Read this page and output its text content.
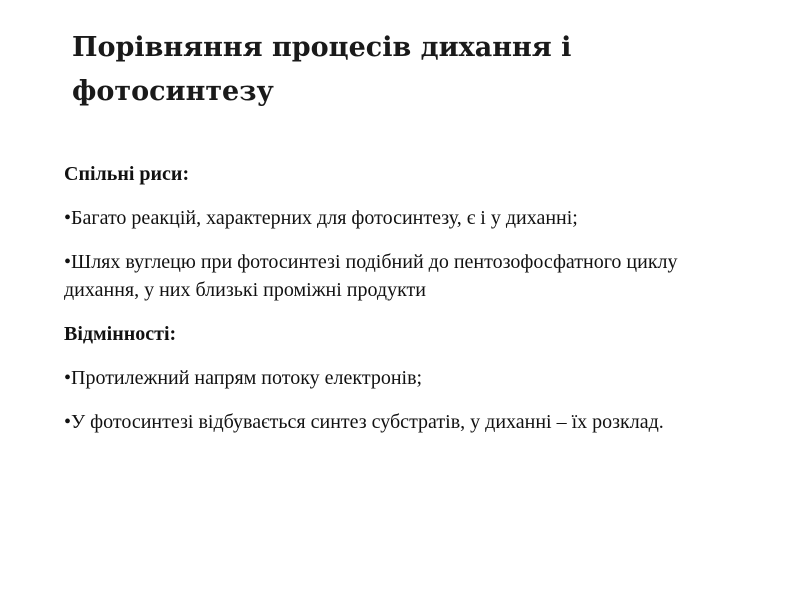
Порівняння процесів дихання і фотосинтезу

Спільні риси:

•Багато реакцій, характерних для фотосинтезу, є і у диханні;

•Шлях вуглецю при фотосинтезі подібний до пентозофосфатного циклу дихання, у них близькі проміжні продукти

Відмінності:

•Протилежний напрям потоку електронів;

•У фотосинтезі відбувається синтез субстратів, у диханні – їх розклад.
